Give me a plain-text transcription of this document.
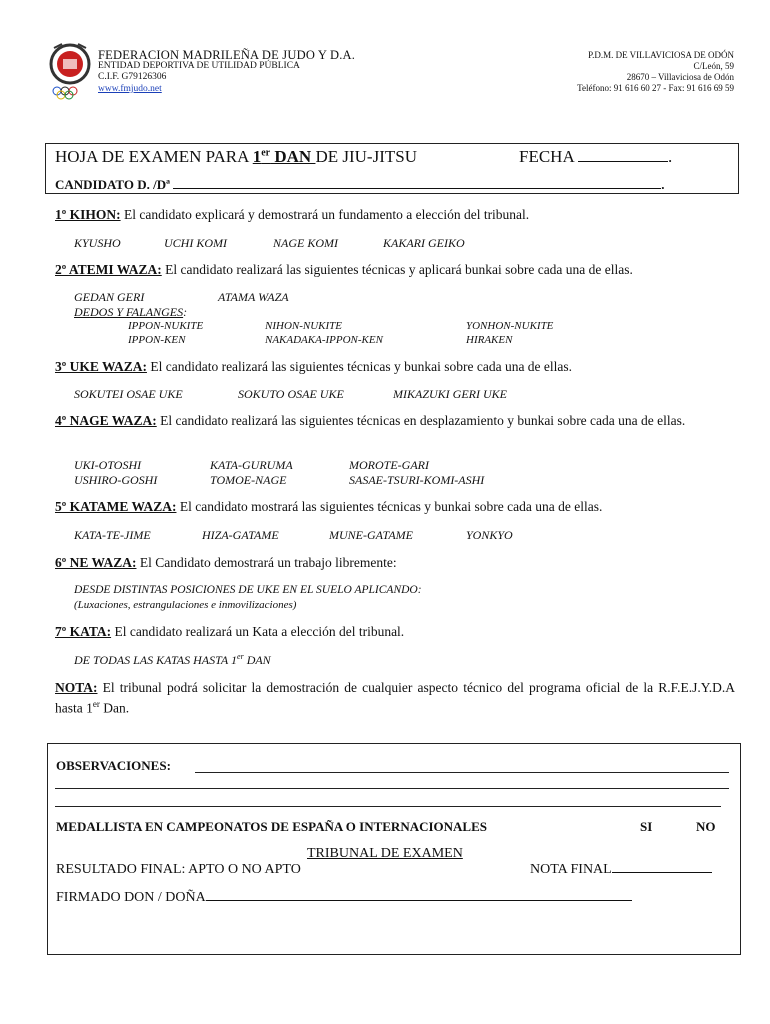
FEDERACION MADRILEÑA DE JUDO Y D.A.
ENTIDAD DEPORTIVA DE UTILIDAD PÚBLICA
C.I.F. G79126306
www.fmjudo.net
P.D.M. DE VILLAVICIOSA DE ODÓN
C/León, 59
28670 – Villaviciosa de Odón
Teléfono: 91 616 60 27 - Fax: 91 616 69 59
HOJA DE EXAMEN PARA 1er DAN DE JIU-JITSU	FECHA	.
CANDIDATO D. /Dª	.
1º KIHON: El candidato explicará y demostrará un fundamento a elección del tribunal.
KYUSHO	UCHI KOMI	NAGE KOMI	KAKARI GEIKO
2º ATEMI WAZA: El candidato realizará las siguientes técnicas y aplicará bunkai sobre cada una de ellas.
GEDAN GERI	ATAMA WAZA
DEDOS Y FALANGES:
IPPON-NUKITE	NIHON-NUKITE	YONHON-NUKITE
IPPON-KEN	NAKADAKA-IPPON-KEN	HIRAKEN
3º UKE WAZA: El candidato realizará las siguientes técnicas y bunkai sobre cada una de ellas.
SOKUTEI OSAE UKE	SOKUTO OSAE UKE	MIKAZUKI GERI UKE
4º NAGE WAZA: El candidato realizará las siguientes técnicas en desplazamiento y bunkai sobre cada una de ellas.
UKI-OTOSHI	KATA-GURUMA	MOROTE-GARI
USHIRO-GOSHI	TOMOE-NAGE	SASAE-TSURI-KOMI-ASHI
5º KATAME WAZA: El candidato mostrará las siguientes técnicas y bunkai sobre cada una de ellas.
KATA-TE-JIME	HIZA-GATAME	MUNE-GATAME	YONKYO
6º NE WAZA: El Candidato demostrará un trabajo libremente:
DESDE DISTINTAS POSICIONES DE UKE EN EL SUELO APLICANDO:
(Luxaciones, estrangulaciones e inmovilizaciones)
7º KATA: El candidato realizará un Kata a elección del tribunal.
DE TODAS LAS KATAS HASTA 1er DAN
NOTA: El tribunal podrá solicitar la demostración de cualquier aspecto técnico del programa oficial de la R.F.E.J.Y.D.A hasta 1er Dan.
OBSERVACIONES:
MEDALLISTA EN CAMPEONATOS DE ESPAÑA O INTERNACIONALES	SI	NO
TRIBUNAL DE EXAMEN
RESULTADO FINAL: APTO O NO APTO	NOTA FINAL
FIRMADO DON / DOÑA
